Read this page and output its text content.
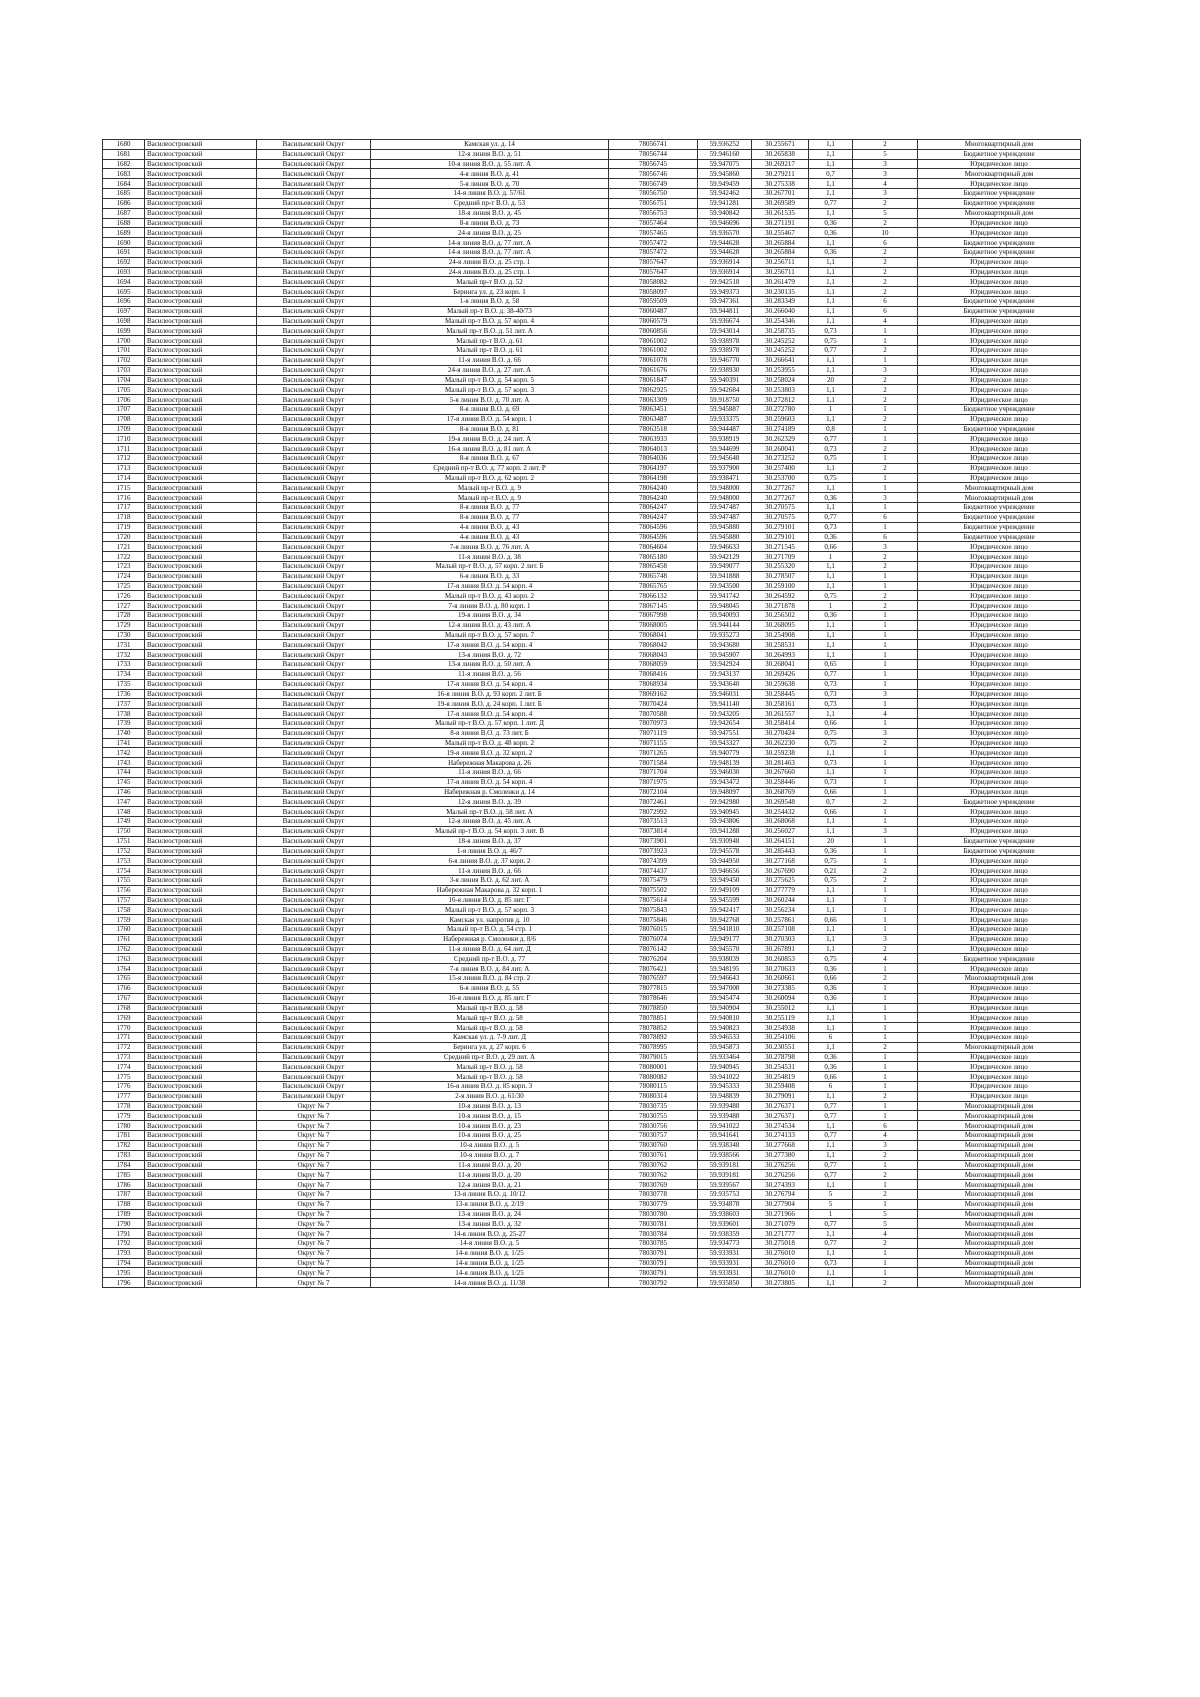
1680	Василеостровский	Васильевский Округ	Камская ул. д. 14	78056741	59.936252	30.255671	1,1	2	Многоквартирный дом
1681	Василеостровский	Васильевский Округ	12-я линия В.О. д. 51	78056744	59.946160	30.265838	1,1	5	Бюджетное учреждение
1682	Василеостровский	Васильевский Округ	10-я линия В.О. д. 55 лит. А	78056745	59.947075	30.269217	1,1	3	Юридическое лицо
1683	Василеостровский	Васильевский Округ	4-я линия В.О. д. 41	78056746	59.945860	30.279211	0,7	3	Многоквартирный дом
1684	Василеостровский	Васильевский Округ	5-я линия В.О. д. 70	78056749	59.949459	30.275338	1,1	4	Юридическое лицо
1685	Василеостровский	Васильевский Округ	14-я линия В.О. д. 57/61	78056750	59.942462	30.267701	1,1	3	Бюджетное учреждение
1686	Василеостровский	Васильевский Округ	Средний пр-т В.О. д. 53	78056751	59.941281	30.269589	0,77	2	Бюджетное учреждение
1687	Василеостровский	Васильевский Округ	18-я линия В.О. д. 45	78056753	59.940842	30.261535	1,1	5	Многоквартирный дом
1688	Василеостровский	Васильевский Округ	8-я линия В.О. д. 73	78057464	59.946696	30.271191	0,36	2	Юридическое лицо
1689	Василеостровский	Васильевский Округ	24-я линия В.О. д. 25	78057465	59.936570	30.255467	0,36	10	Юридическое лицо
1690	Василеостровский	Васильевский Округ	14-я линия В.О. д. 77 лит. А	78057472	59.944628	30.265884	1,1	6	Бюджетное учреждение
1691	Василеостровский	Васильевский Округ	14-я линия В.О. д. 77 лит. А	78057472	59.944628	30.265884	0,36	2	Бюджетное учреждение
1692	Василеостровский	Васильевский Округ	24-я линия В.О. д. 25 стр. 1	78057647	59.936914	30.256711	1,1	2	Юридическое лицо
1693	Василеостровский	Васильевский Округ	24-я линия В.О. д. 25 стр. 1	78057647	59.936914	30.256711	1,1	2	Юридическое лицо
1694	Василеостровский	Васильевский Округ	Малый пр-т В.О. д. 52	78058082	59.942518	30.261479	1,1	2	Юридическое лицо
1695	Василеостровский	Васильевский Округ	Беринга ул. д. 23 корп. 1	78058097	59.949373	30.230135	1,1	2	Юридическое лицо
1696	Василеостровский	Васильевский Округ	1-я линия В.О. д. 58	78059509	59.947361	30.283349	1,1	6	Бюджетное учреждение
1697	Василеостровский	Васильевский Округ	Малый пр-т В.О. д. 38-40/73	78060487	59.944811	30.266040	1,1	6	Бюджетное учреждение
1698	Василеостровский	Васильевский Округ	Малый пр-т В.О. д. 57 корп. 4	78060579	59.936674	30.254346	1,1	4	Юридическое лицо
1699	Василеостровский	Васильевский Округ	Малый пр-т В.О. д. 51 лит. А	78060856	59.943014	30.258735	0,73	1	Юридическое лицо
1700	Василеостровский	Васильевский Округ	Малый пр-т В.О. д. 61	78061002	59.938978	30.245252	0,75	1	Юридическое лицо
1701	Василеостровский	Васильевский Округ	Малый пр-т В.О. д. 61	78061002	59.938978	30.245252	0,77	2	Юридическое лицо
1702	Василеостровский	Васильевский Округ	11-я линия В.О. д. 66	78061078	59.946770	30.266641	1,1	1	Юридическое лицо
1703	Василеостровский	Васильевский Округ	24-я линия В.О. д. 27 лит. А	78061676	59.938930	30.253955	1,1	3	Юридическое лицо
1704	Василеостровский	Васильевский Округ	Малый пр-т В.О. д. 54 корп. 5	78061847	59.940391	30.258024	20	2	Юридическое лицо
1705	Василеостровский	Васильевский Округ	Малый пр-т В.О. д. 57 корп. 3	78062925	59.942684	30.253803	1,1	2	Юридическое лицо
1706	Василеостровский	Васильевский Округ	5-я линия В.О. д. 70 лит. А	78063309	59.918750	30.272812	1,1	2	Юридическое лицо
1707	Василеостровский	Васильевский Округ	8-я линия В.О. д. 69	78063451	59.945887	30.272780	1	1	Бюджетное учреждение
1708	Василеостровский	Васильевский Округ	17-я линия В.О. д. 54 корп. 1	78063487	59.933375	30.259603	1,1	2	Юридическое лицо
1709	Василеостровский	Васильевский Округ	8-я линия В.О. д. 81	78063518	59.944487	30.274189	0,8	1	Бюджетное учреждение
1710	Василеостровский	Васильевский Округ	19-я линия В.О. д. 24 лит. А	78063933	59.938919	30.262329	0,77	1	Юридическое лицо
1711	Василеостровский	Васильевский Округ	16-я линия В.О. д. 81 лит. А	78064013	59.944699	30.260041	0,73	2	Юридическое лицо
1712	Василеостровский	Васильевский Округ	8-я линия В.О. д. 67	78064036	59.945648	30.273252	0,75	1	Юридическое лицо
1713	Василеостровский	Васильевский Округ	Средний пр-т В.О. д. 77 корп. 2 лит. Р	78064197	59.937900	30.257400	1,1	2	Юридическое лицо
1714	Василеостровский	Васильевский Округ	Малый пр-т В.О. д. 62 корп. 2	78064198	59.938471	30.253700	0,75	1	Юридическое лицо
1715	Василеостровский	Васильевский Округ	Малый пр-т В.О. д. 9	78064240	59.948000	30.277267	1,1	1	Многоквартирный дом
1716	Василеостровский	Васильевский Округ	Малый пр-т В.О. д. 9	78064240	59.948000	30.277267	0,36	3	Многоквартирный дом
1717	Василеостровский	Васильевский Округ	8-я линия В.О. д. 77	78064247	59.947487	30.270575	1,1	1	Бюджетное учреждение
1718	Василеостровский	Васильевский Округ	8-я линия В.О. д. 77	78064247	59.947487	30.270575	0,77	6	Бюджетное учреждение
1719	Василеостровский	Васильевский Округ	4-я линия В.О. д. 43	78064596	59.945880	30.279101	0,73	1	Бюджетное учреждение
1720	Василеостровский	Васильевский Округ	4-я линия В.О. д. 43	78064596	59.945880	30.279101	0,36	6	Бюджетное учреждение
1721	Василеостровский	Васильевский Округ	7-я линия В.О. д. 76 лит. А	78064604	59.946633	30.271545	0,66	3	Юридическое лицо
1722	Василеостровский	Васильевский Округ	11-я линия В.О. д. 38	78065180	59.942129	30.271709	1	2	Юридическое лицо
1723	Василеостровский	Васильевский Округ	Малый пр-т В.О. д. 57 корп. 2 лит. Б	78065458	59.949077	30.255320	1,1	2	Юридическое лицо
1724	Василеостровский	Васильевский Округ	6-я линия В.О. д. 33	78065748	59.941888	30.278507	1,1	1	Юридическое лицо
1725	Василеостровский	Васильевский Округ	17-я линия В.О. д. 54 корп. 4	78065765	59.943500	30.259100	1,1	1	Юридическое лицо
1726	Василеостровский	Васильевский Округ	Малый пр-т В.О. д. 43 корп. 2	78066132	59.941742	30.264592	0,75	2	Юридическое лицо
1727	Василеостровский	Васильевский Округ	7-я линия В.О. д. 80 корп. 1	78067145	59.948045	30.271878	1	2	Юридическое лицо
1728	Василеостровский	Васильевский Округ	19-я линия В.О. д. 34	78067998	59.940093	30.256502	0,36	1	Юридическое лицо
1729	Василеостровский	Васильевский Округ	12-я линия В.О. д. 43 лит. А	78068005	59.944144	30.268095	1,1	1	Юридическое лицо
1730	Василеостровский	Васильевский Округ	Малый пр-т В.О. д. 57 корп. 7	78068041	59.935273	30.254908	1,1	1	Юридическое лицо
1731	Василеостровский	Васильевский Округ	17-я линия В.О. д. 54 корп. 4	78068042	59.943680	30.258531	1,1	1	Юридическое лицо
1732	Василеостровский	Васильевский Округ	13-я линия В.О. д. 72	78068043	59.945907	30.264993	1,1	1	Юридическое лицо
1733	Василеостровский	Васильевский Округ	13-я линия В.О. д. 50 лит. А	78068059	59.942924	30.268041	0,65	1	Юридическое лицо
1734	Василеостровский	Васильевский Округ	11-я линия В.О. д. 56	78068416	59.943137	30.269426	0,77	1	Юридическое лицо
1735	Василеостровский	Васильевский Округ	17-я линия В.О. д. 54 корп. 4	78068934	59.943640	30.259638	0,73	1	Юридическое лицо
1736	Василеостровский	Васильевский Округ	16-я линия В.О. д. 93 корп. 2 лит. Б	78069162	59.946031	30.258445	0,73	3	Юридическое лицо
1737	Василеостровский	Васильевский Округ	19-я линия В.О. д. 24 корп. 1 лит. Б	78070424	59.941140	30.258161	0,73	1	Юридическое лицо
1738	Василеостровский	Васильевский Округ	17-я линия В.О. д. 54 корп. 4	78070588	59.943205	30.261557	1,1	4	Юридическое лицо
1739	Василеостровский	Васильевский Округ	Малый пр-т В.О. д. 57 корп. 1 лит. Д	78070973	59.942654	30.258414	0,66	1	Юридическое лицо
1740	Василеостровский	Васильевский Округ	8-я линия В.О. д. 73 лит. Б	78071119	59.947551	30.270424	0,75	3	Юридическое лицо
1741	Василеостровский	Васильевский Округ	Малый пр-т В.О. д. 48 корп. 2	78071155	59.943327	30.262230	0,75	2	Юридическое лицо
1742	Василеостровский	Васильевский Округ	19-я линия В.О. д. 32 корп. 2	78071265	59.940779	30.259238	1,1	1	Юридическое лицо
1743	Василеостровский	Васильевский Округ	Набережная Макарова д. 26	78071584	59.948139	30.281463	0,73	1	Юридическое лицо
1744	Василеостровский	Васильевский Округ	11-я линия В.О. д. 66	78071704	59.946030	30.267660	1,1	1	Юридическое лицо
1745	Василеостровский	Васильевский Округ	17-я линия В.О. д. 54 корп. 4	78071975	59.943472	30.258446	0,73	1	Юридическое лицо
1746	Василеостровский	Васильевский Округ	Набережная р. Смоленки д. 14	78072104	59.948097	30.268769	0,66	1	Юридическое лицо
1747	Василеостровский	Васильевский Округ	12-я линия В.О. д. 39	78072461	59.942980	30.269548	0,7	2	Бюджетное учреждение
1748	Василеостровский	Васильевский Округ	Малый пр-т В.О. д. 58 лит. А	78072992	59.940945	30.254432	0,66	1	Юридическое лицо
1749	Василеостровский	Васильевский Округ	12-я линия В.О. д. 45 лит. А	78073513	59.943806	30.268068	1,1	1	Юридическое лицо
1750	Василеостровский	Васильевский Округ	Малый пр-т В.О. д. 54 корп. 3 лит. В	78073814	59.941288	30.256027	1,1	3	Юридическое лицо
1751	Василеостровский	Васильевский Округ	18-я линия В.О. д. 37	78073901	59.930948	30.264151	20	1	Бюджетное учреждение
1752	Василеостровский	Васильевский Округ	1-я линия В.О. д. 46/7	78073923	59.945578	30.285443	0,36	1	Бюджетное учреждение
1753	Василеостровский	Васильевский Округ	6-я линия В.О. д. 37 корп. 2	78074399	59.944950	30.277168	0,75	1	Юридическое лицо
1754	Василеостровский	Васильевский Округ	11-я линия В.О. д. 66	78074437	59.946656	30.267690	0,21	2	Юридическое лицо
1755	Василеостровский	Васильевский Округ	3-я линия В.О. д. 62 лит. А	78075479	59.949450	30.275625	0,75	2	Юридическое лицо
1756	Василеостровский	Васильевский Округ	Набережная Макарова д. 32 корп. 1	78075502	59.949109	30.277779	1,1	1	Юридическое лицо
1757	Василеостровский	Васильевский Округ	16-я линия В.О. д. 85 лит. Г	78075614	59.945599	30.260244	1,1	1	Юридическое лицо
1758	Василеостровский	Васильевский Округ	Малый пр-т В.О. д. 57 корп. 3	78075843	59.942417	30.256234	1,1	1	Юридическое лицо
1759	Василеостровский	Васильевский Округ	Камская ул. напротив д. 10	78075846	59.942768	30.257861	0,66	1	Юридическое лицо
1760	Василеостровский	Васильевский Округ	Малый пр-т В.О. д. 54 стр. 1	78076015	59.941810	30.257108	1,1	1	Юридическое лицо
1761	Василеостровский	Васильевский Округ	Набережная р. Смоленки д. 8/6	78076074	59.949177	30.270303	1,1	3	Юридическое лицо
1762	Василеостровский	Васильевский Округ	11-я линия В.О. д. 64 лит. Д	78076142	59.945570	30.267891	1,1	2	Юридическое лицо
1763	Василеостровский	Васильевский Округ	Средний пр-т В.О. д. 77	78076204	59.938039	30.260853	0,75	4	Бюджетное учреждение
1764	Василеостровский	Васильевский Округ	7-я линия В.О. д. 84 лит. А	78076421	59.948195	30.270633	0,36	1	Юридическое лицо
1765	Василеостровский	Васильевский Округ	15-я линия В.О. д. 84 стр. 2	78076597	59.946643	30.260661	0,66	2	Многоквартирный дом
1766	Василеостровский	Васильевский Округ	6-я линия В.О. д. 55	78077815	59.947008	30.273385	0,36	1	Юридическое лицо
1767	Василеостровский	Васильевский Округ	16-я линия В.О. д. 85 лит. Г	78078646	59.945474	30.260094	0,36	1	Юридическое лицо
1768	Василеостровский	Васильевский Округ	Малый пр-т В.О. д. 58	78078850	59.940904	30.255012	1,1	1	Юридическое лицо
1769	Василеостровский	Васильевский Округ	Малый пр-т В.О. д. 58	78078851	59.940810	30.255119	1,1	1	Юридическое лицо
1770	Василеостровский	Васильевский Округ	Малый пр-т В.О. д. 58	78078852	59.940823	30.254938	1,1	1	Юридическое лицо
1771	Василеостровский	Васильевский Округ	Камская ул. д. 7-9 лит. Д	78078892	59.946533	30.254106	6	1	Юридическое лицо
1772	Василеостровский	Васильевский Округ	Беринга ул. д. 27 корп. 6	78078995	59.945873	30.230551	1,1	2	Многоквартирный дом
1773	Василеостровский	Васильевский Округ	Средний пр-т В.О. д. 29 лит. А	78079015	59.933464	30.278798	0,36	1	Юридическое лицо
1774	Василеостровский	Васильевский Округ	Малый пр-т В.О. д. 58	78080001	59.940945	30.254531	0,36	1	Юридическое лицо
1775	Василеостровский	Васильевский Округ	Малый пр-т В.О. д. 58	78080082	59.941022	30.254819	0,66	1	Юридическое лицо
1776	Василеостровский	Васильевский Округ	16-я линия В.О. д. 85 корп. 3	78080115	59.945333	30.259408	6	1	Юридическое лицо
1777	Василеостровский	Васильевский Округ	2-я линия В.О. д. 61/30	78080314	59.948839	30.279091	1,1	2	Юридическое лицо
1778	Василеостровский	Округ № 7	10-я линия В.О. д. 13	78030735	59.939488	30.276371	0,77	1	Многоквартирный дом
1779	Василеостровский	Округ № 7	10-я линия В.О. д. 15	78030755	59.939488	30.276371	0,77	1	Многоквартирный дом
1780	Василеостровский	Округ № 7	10-я линия В.О. д. 23	78030756	59.941022	30.274534	1,1	6	Многоквартирный дом
1781	Василеостровский	Округ № 7	10-я линия В.О. д. 25	78030757	59.941641	30.274133	0,77	4	Многоквартирный дом
1782	Василеостровский	Округ № 7	10-я линия В.О. д. 5	78030760	59.938348	30.277668	1,1	3	Многоквартирный дом
1783	Василеостровский	Округ № 7	10-я линия В.О. д. 7	78030761	59.938566	30.277380	1,1	2	Многоквартирный дом
1784	Василеостровский	Округ № 7	11-я линия В.О. д. 20	78030762	59.939181	30.276256	0,77	1	Многоквартирный дом
1785	Василеостровский	Округ № 7	11-я линия В.О. д. 20	78030762	59.939181	30.276256	0,77	2	Многоквартирный дом
1786	Василеостровский	Округ № 7	12-я линия В.О. д. 21	78030769	59.939567	30.274393	1,1	1	Многоквартирный дом
1787	Василеостровский	Округ № 7	13-я линия В.О. д. 10/12	78030778	59.935753	30.276794	5	2	Многоквартирный дом
1788	Василеостровский	Округ № 7	13-я линия В.О. д. 2/19	78030779	59.934878	30.277904	5	1	Многоквартирный дом
1789	Василеостровский	Округ № 7	13-я линия В.О. д. 24	78030780	59.938603	30.271966	1	5	Многоквартирный дом
1790	Василеостровский	Округ № 7	13-я линия В.О. д. 32	78030781	59.939601	30.271079	0,77	5	Многоквартирный дом
1791	Василеостровский	Округ № 7	14-я линия В.О. д. 25-27	78030784	59.938359	30.271777	1,1	4	Многоквартирный дом
1792	Василеостровский	Округ № 7	14-я линия В.О. д. 5	78030785	59.934773	30.275018	0,77	2	Многоквартирный дом
1793	Василеостровский	Округ № 7	14-я линия В.О. д. 1/25	78030791	59.933931	30.276010	1,1	1	Многоквартирный дом
1794	Василеостровский	Округ № 7	14-я линия В.О. д. 1/25	78030791	59.933931	30.276010	0,73	1	Многоквартирный дом
1795	Василеостровский	Округ № 7	14-я линия В.О. д. 1/25	78030791	59.933931	30.276010	1,1	1	Многоквартирный дом
1796	Василеостровский	Округ № 7	14-я линия В.О. д. 11/38	78030792	59.935850	30.273805	1,1	2	Многоквартирный дом
